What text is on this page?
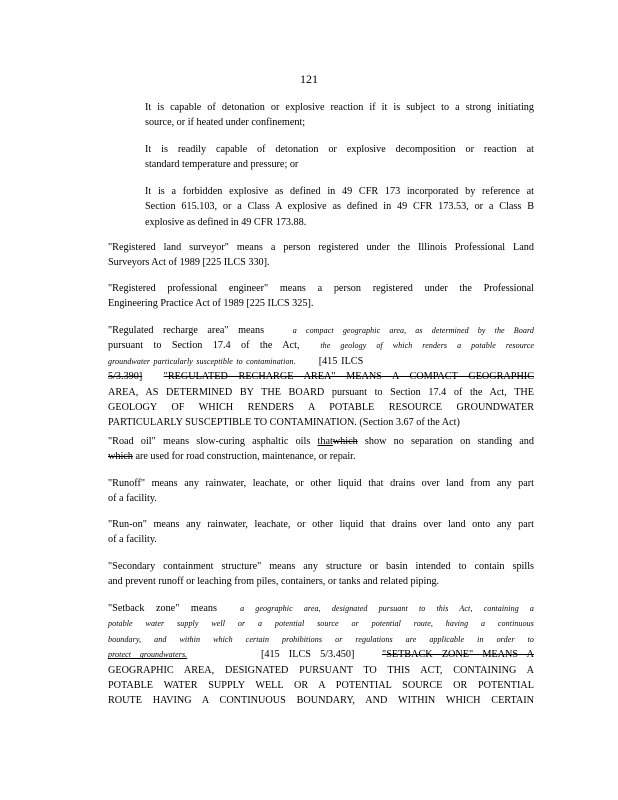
121
It is capable of detonation or explosive reaction if it is subject to a strong initiating
source, or if heated under confinement;
It is readily capable of detonation or explosive decomposition or reaction at
standard temperature and pressure; or
It is a forbidden explosive as defined in 49 CFR 173 incorporated by reference at
Section 615.103, or a Class A explosive as defined in 49 CFR 173.53, or a Class B
explosive as defined in 49 CFR 173.88.
"Registered land surveyor" means a person registered under the Illinois Professional Land
Surveyors Act of 1989 [225 ILCS 330].
"Registered professional engineer" means a person registered under the Professional
Engineering Practice Act of 1989 [225 ILCS 325].
"Regulated recharge area" means	a compact geographic area, as determined by the Board
pursuant to Section 17.4 of the Act,	the geology of which renders a potable resource
groundwater particularly susceptible to contamination. [415 ILCS
5/3.390] "REGULATED RECHARGE AREA" MEANS A COMPACT GEOGRAPHIC
AREA, AS DETERMINED BY THE BOARD pursuant to Section 17.4 of the Act, THE
GEOLOGY OF WHICH RENDERS A POTABLE RESOURCE GROUNDWATER
PARTICULARLY SUSCEPTIBLE TO CONTAMINATION. (Section 3.67 of the Act)
"Road oil" means slow-curing asphaltic oils thatwhich show no separation on standing and
which are used for road construction, maintenance, or repair.
"Runoff" means any rainwater, leachate, or other liquid that drains over land from any part
of a facility.
"Run-on" means any rainwater, leachate, or other liquid that drains over land onto any part
of a facility.
"Secondary containment structure" means any structure or basin intended to contain spills
and prevent runoff or leaching from piles, containers, or tanks and related piping.
"Setback zone" means	a geographic area, designated pursuant to this Act, containing a
potable water supply well or a potential source or potential route, having a continuous
boundary, and within which certain prohibitions or regulations are applicable in order to
protect groundwaters.	[415 ILCS 5/3.450]	"SETBACK ZONE" MEANS A
GEOGRAPHIC AREA, DESIGNATED PURSUANT TO THIS ACT, CONTAINING A
POTABLE WATER SUPPLY WELL OR A POTENTIAL SOURCE OR POTENTIAL
ROUTE HAVING A CONTINUOUS BOUNDARY, AND WITHIN WHICH CERTAIN
